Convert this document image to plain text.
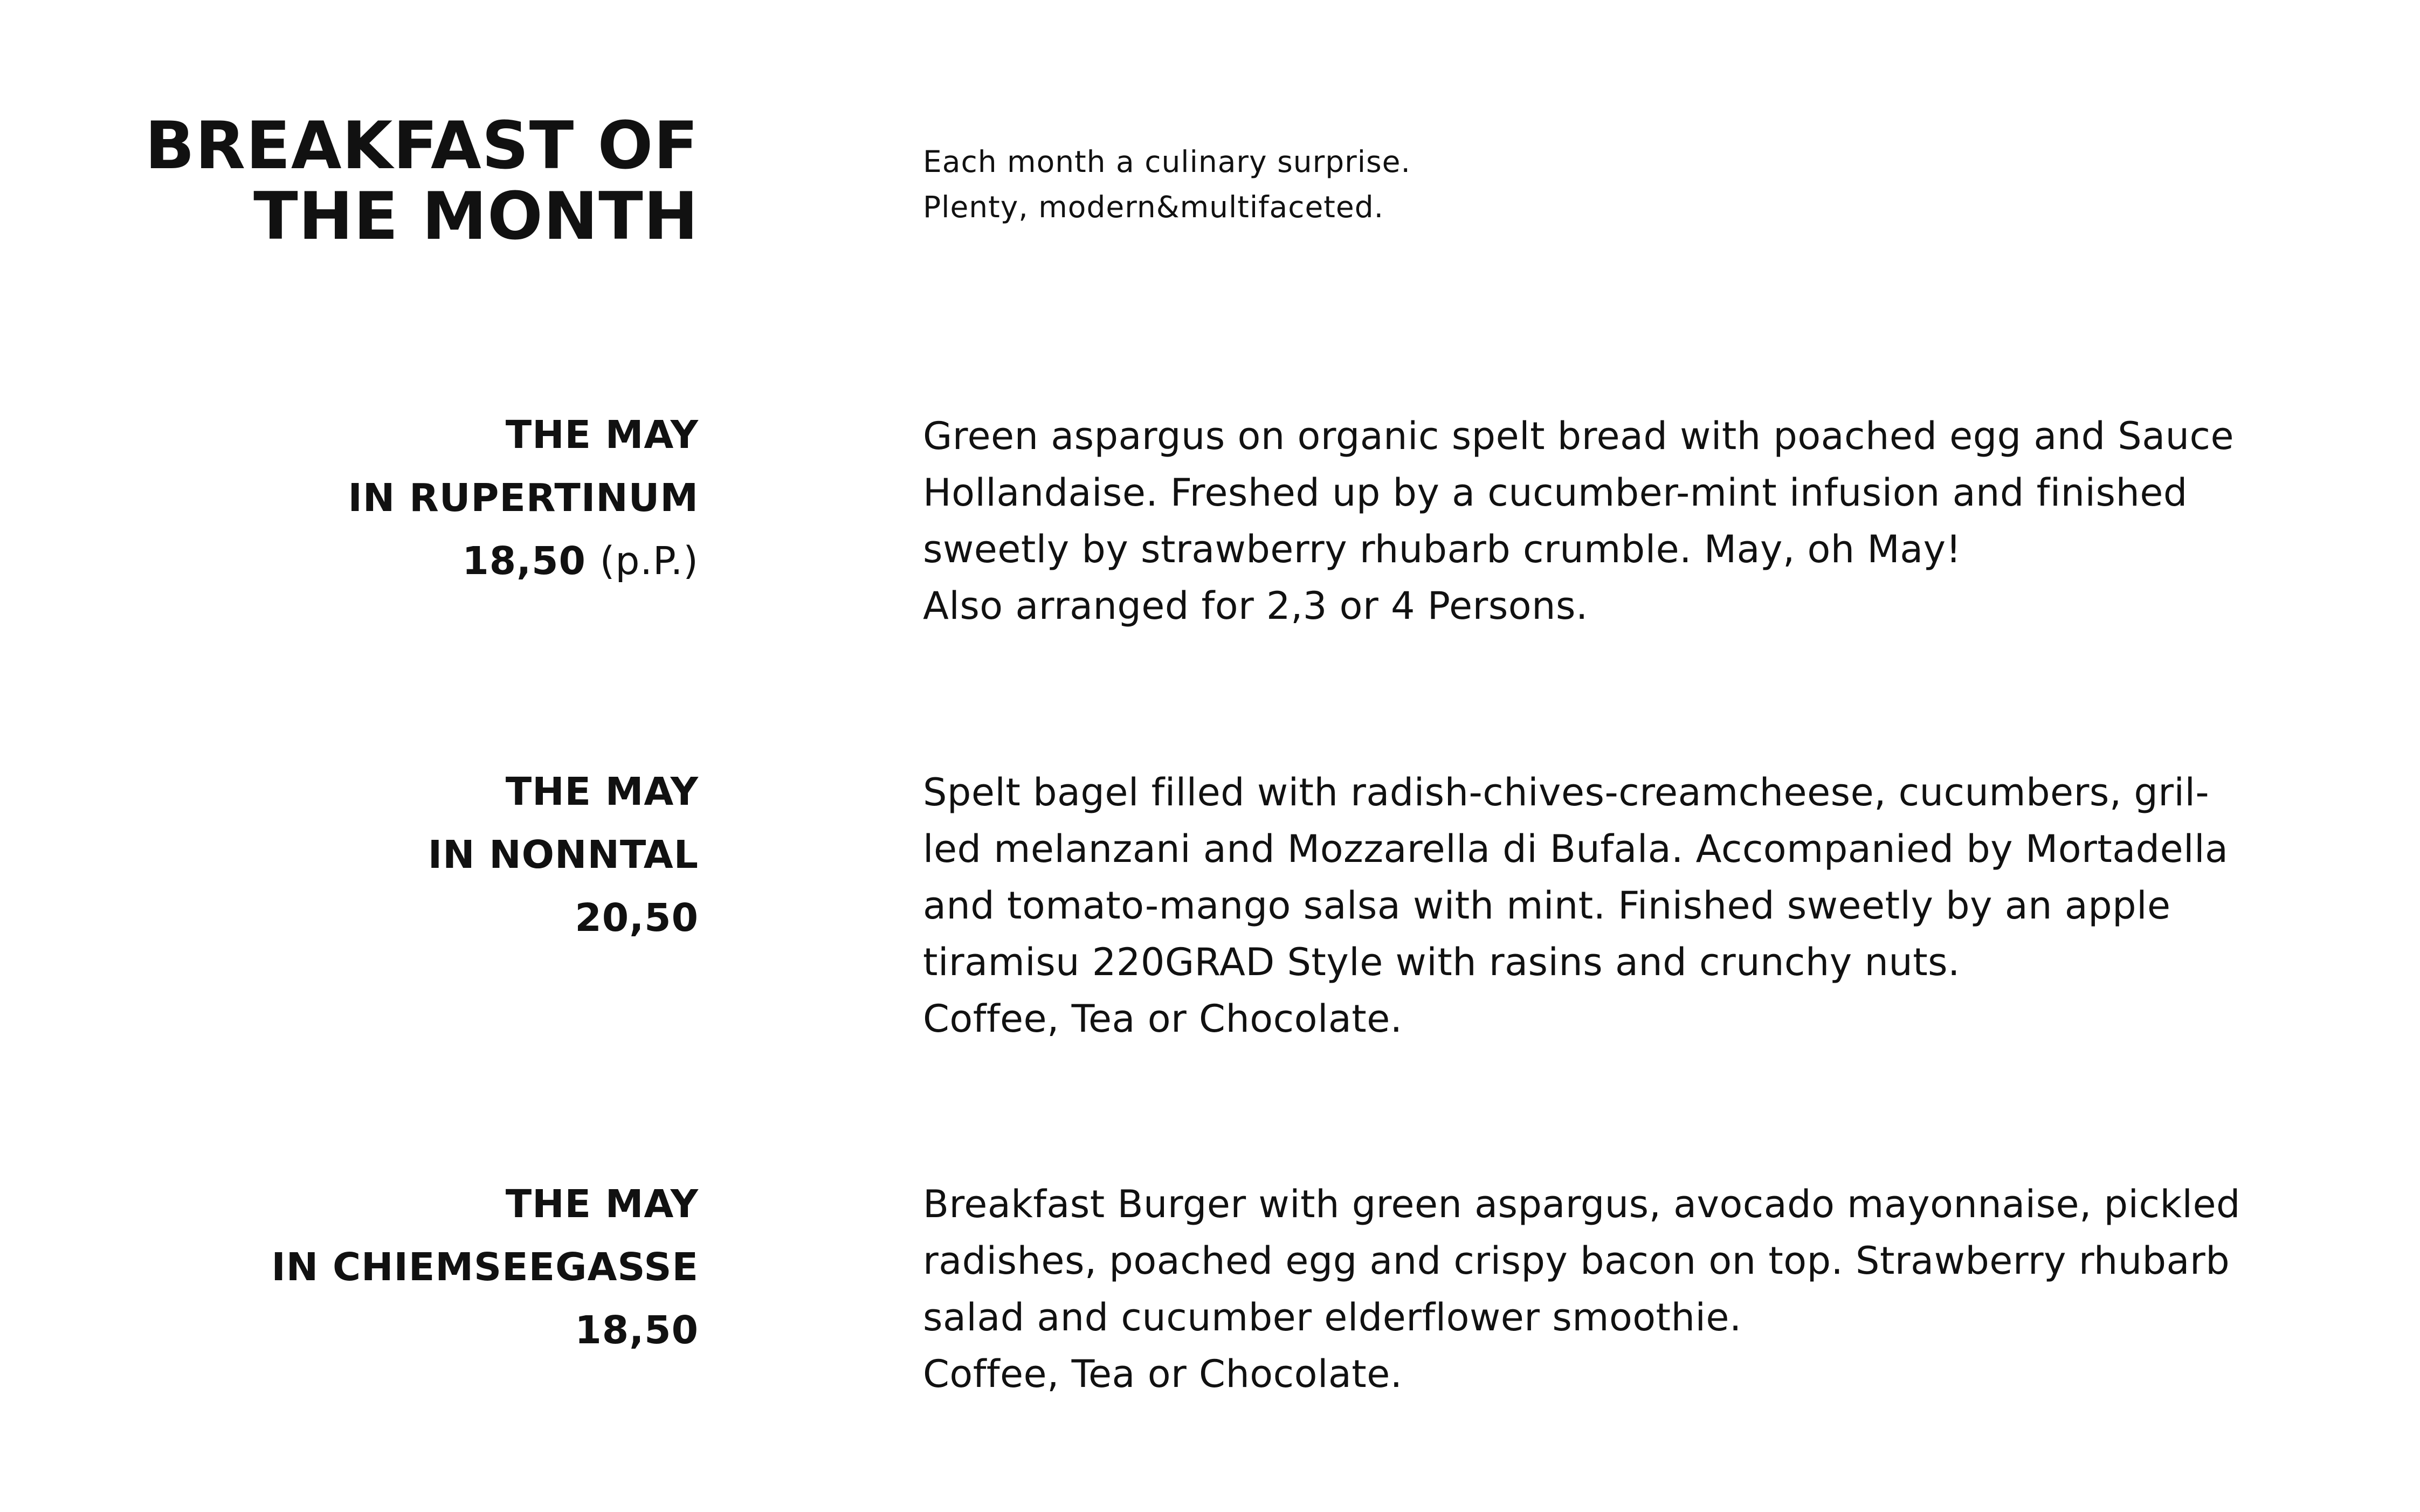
BREAKFAST OF
THE MONTH
Each month a culinary surprise.
Plenty, modern&multifaceted.
THE MAY
IN RUPERTINUM
18,50 (p.P.)
Green aspargus on organic spelt bread with poached egg and Sauce
Hollandaise. Freshed up by a cucumber-mint infusion and finished
sweetly by strawberry rhubarb crumble. May, oh May!
Also arranged for 2,3 or 4 Persons.
THE MAY
IN NONNTAL
20,50
Spelt bagel filled with radish-chives-creamcheese, cucumbers, gril-
led melanzani and Mozzarella di Bufala. Accompanied by Mortadella
and tomato-mango salsa with mint. Finished sweetly by an apple
tiramisu 220GRAD Style with rasins and crunchy nuts.
Coffee, Tea or Chocolate.
THE MAY
IN CHIEMSEEGASSE
18,50
Breakfast Burger with green aspargus, avocado mayonnaise, pickled
radishes, poached egg and crispy bacon on top. Strawberry rhubarb
salad and cucumber elderflower smoothie.
Coffee, Tea or Chocolate.
